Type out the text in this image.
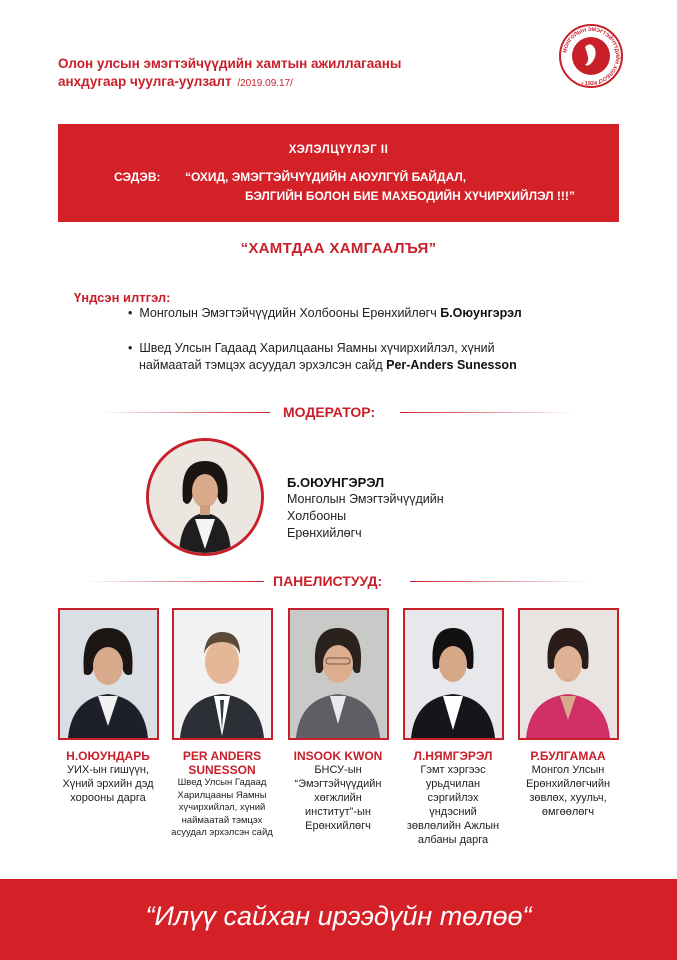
Олон улсын эмэгтэйчүүдийн хамтын ажиллагааны
анхдугаар чуулга-уулзалт /2019.09.17/
МОНГОЛЫН ЭМЭГТЭЙЧҮҮДИЙН ХОЛБОО
• 1924 •
ХЭЛЭЛЦҮҮЛЭГ II
СЭДЭВ: “ОХИД, ЭМЭГТЭЙЧҮҮДИЙН АЮУЛГҮЙ БАЙДАЛ,
БЭЛГИЙН БОЛОН БИЕ МАХБОДИЙН ХҮЧИРХИЙЛЭЛ !!!”
“ХАМТДАА ХАМГААЛЪЯ”
Үндсэн илтгэл:
•  Монголын Эмэгтэйчүүдийн Холбооны Ерөнхийлөгч Б.Оюунгэрэл
•  Швед Улсын Гадаад Харилцааны Яамны хүчирхийлэл, хүний
наймаатай тэмцэх асуудал эрхэлсэн сайд Per-Anders Sunesson
МОДЕРАТОР:
Б.ОЮУНГЭРЭЛ
Монголын Эмэгтэйчүүдийн Холбооны
Ерөнхийлөгч
ПАНЕЛИСТУУД:
Н.ОЮУНДАРЬ
УИХ-ын гишүүн,
Хүний эрхийн дэд
хорооны дарга
PER ANDERS
SUNESSON
Швед Улсын Гадаад
Харилцааны Яамны
хүчирхийлэл, хүний
наймаатай тэмцэх
асуудал эрхэлсэн сайд
INSOOK KWON
БНСУ-ын
“Эмэгтэйчүүдийн
хөгжлийн
институт”-ын
Ерөнхийлөгч
Л.НЯМГЭРЭЛ
Гэмт хэргээс
урьдчилан
сэргийлэх
үндэсний
зөвлөлийн Ажлын
албаны дарга
Р.БУЛГАМАА
Монгол Улсын
Ерөнхийлөгчийн
зөвлөх, хуульч,
өмгөөлөгч
“Илүү сайхан ирээдүйн төлөө“
